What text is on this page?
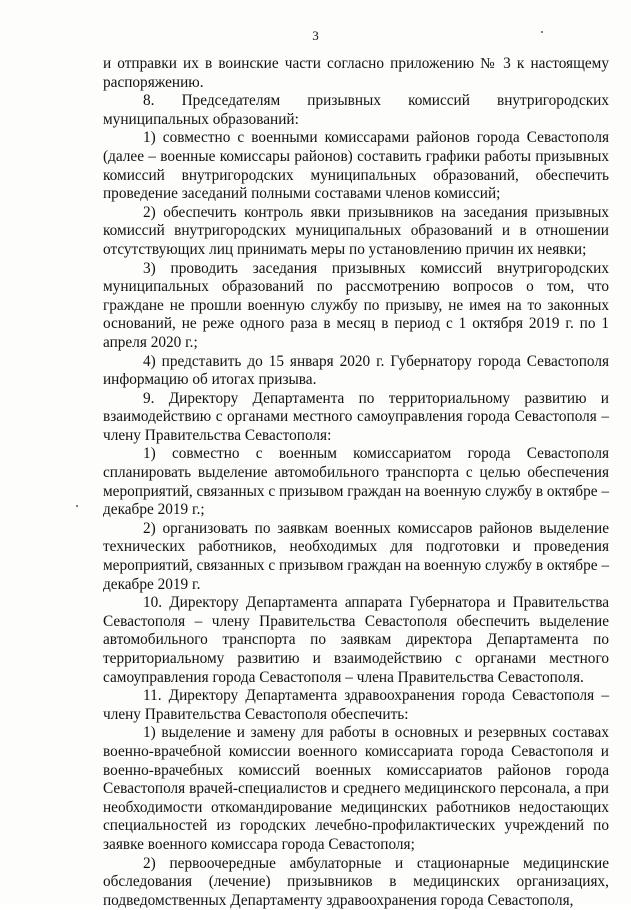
3

и отправки их в воинские части согласно приложению № 3 к настоящему распоряжению.

8. Председателям призывных комиссий внутригородских муниципальных образований:

1) совместно с военными комиссарами районов города Севастополя (далее – военные комиссары районов) составить графики работы призывных комиссий внутригородских муниципальных образований, обеспечить проведение заседаний полными составами членов комиссий;

2) обеспечить контроль явки призывников на заседания призывных комиссий внутригородских муниципальных образований и в отношении отсутствующих лиц принимать меры по установлению причин их неявки;

3) проводить заседания призывных комиссий внутригородских муниципальных образований по рассмотрению вопросов о том, что граждане не прошли военную службу по призыву, не имея на то законных оснований, не реже одного раза в месяц в период с 1 октября 2019 г. по 1 апреля 2020 г.;

4) представить до 15 января 2020 г. Губернатору города Севастополя информацию об итогах призыва.

9. Директору Департамента по территориальному развитию и взаимодействию с органами местного самоуправления города Севастополя – члену Правительства Севастополя:

1) совместно с военным комиссариатом города Севастополя спланировать выделение автомобильного транспорта с целью обеспечения мероприятий, связанных с призывом граждан на военную службу в октябре – декабре 2019 г.;

2) организовать по заявкам военных комиссаров районов выделение технических работников, необходимых для подготовки и проведения мероприятий, связанных с призывом граждан на военную службу в октябре – декабре 2019 г.

10. Директору Департамента аппарата Губернатора и Правительства Севастополя – члену Правительства Севастополя обеспечить выделение автомобильного транспорта по заявкам директора Департамента по территориальному развитию и взаимодействию с органами местного самоуправления города Севастополя – члена Правительства Севастополя.

11. Директору Департамента здравоохранения города Севастополя – члену Правительства Севастополя обеспечить:

1) выделение и замену для работы в основных и резервных составах военно-врачебной комиссии военного комиссариата города Севастополя и военно-врачебных комиссий военных комиссариатов районов города Севастополя врачей-специалистов и среднего медицинского персонала, а при необходимости откомандирование медицинских работников недостающих специальностей из городских лечебно-профилактических учреждений по заявке военного комиссара города Севастополя;

2) первоочередные амбулаторные и стационарные медицинские обследования (лечение) призывников в медицинских организациях, подведомственных Департаменту здравоохранения города Севастополя,
